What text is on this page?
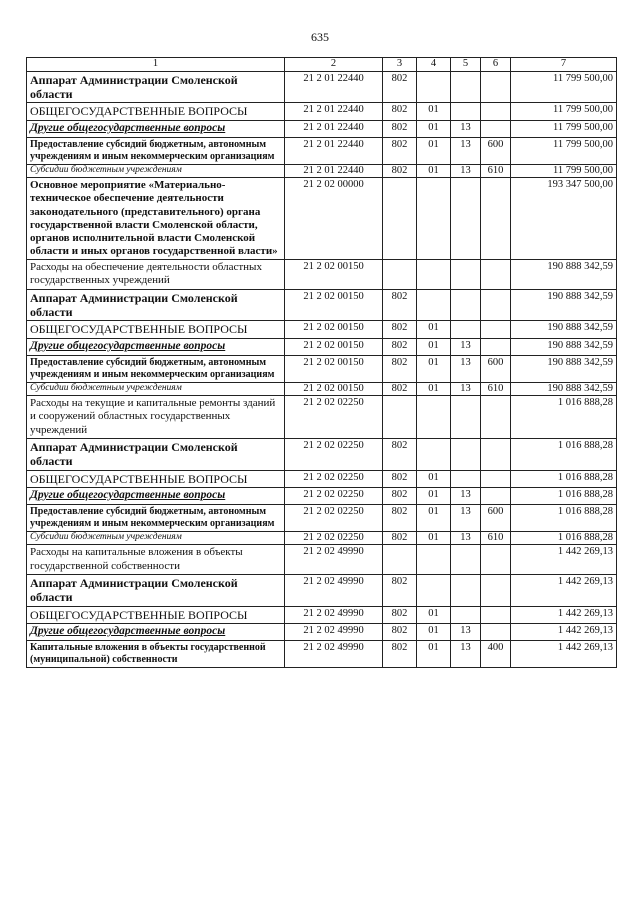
635
1	2	3	4	5	6	7
Аппарат Администрации Смоленской области	21 2 01 22440	802				11 799 500,00
ОБЩЕГОСУДАРСТВЕННЫЕ ВОПРОСЫ	21 2 01 22440	802	01			11 799 500,00
Другие общегосударственные вопросы	21 2 01 22440	802	01	13		11 799 500,00
Предоставление субсидий бюджетным, автономным учреждениям и иным некоммерческим организациям	21 2 01 22440	802	01	13	600	11 799 500,00
Субсидии бюджетным учреждениям	21 2 01 22440	802	01	13	610	11 799 500,00
Основное мероприятие «Материально-техническое обеспечение деятельности законодательного (представительного) органа государственной власти Смоленской области, органов исполнительной власти Смоленской области и иных органов государственной власти»	21 2 02 00000					193 347 500,00
Расходы на обеспечение деятельности областных государственных учреждений	21 2 02 00150					190 888 342,59
Аппарат Администрации Смоленской области	21 2 02 00150	802				190 888 342,59
ОБЩЕГОСУДАРСТВЕННЫЕ ВОПРОСЫ	21 2 02 00150	802	01			190 888 342,59
Другие общегосударственные вопросы	21 2 02 00150	802	01	13		190 888 342,59
Предоставление субсидий бюджетным, автономным учреждениям и иным некоммерческим организациям	21 2 02 00150	802	01	13	600	190 888 342,59
Субсидии бюджетным учреждениям	21 2 02 00150	802	01	13	610	190 888 342,59
Расходы на текущие и капитальные ремонты зданий и сооружений областных государственных учреждений	21 2 02 02250					1 016 888,28
Аппарат Администрации Смоленской области	21 2 02 02250	802				1 016 888,28
ОБЩЕГОСУДАРСТВЕННЫЕ ВОПРОСЫ	21 2 02 02250	802	01			1 016 888,28
Другие общегосударственные вопросы	21 2 02 02250	802	01	13		1 016 888,28
Предоставление субсидий бюджетным, автономным учреждениям и иным некоммерческим организациям	21 2 02 02250	802	01	13	600	1 016 888,28
Субсидии бюджетным учреждениям	21 2 02 02250	802	01	13	610	1 016 888,28
Расходы на капитальные вложения в объекты государственной собственности	21 2 02 49990					1 442 269,13
Аппарат Администрации Смоленской области	21 2 02 49990	802				1 442 269,13
ОБЩЕГОСУДАРСТВЕННЫЕ ВОПРОСЫ	21 2 02 49990	802	01			1 442 269,13
Другие общегосударственные вопросы	21 2 02 49990	802	01	13		1 442 269,13
Капитальные вложения в объекты государственной (муниципальной) собственности	21 2 02 49990	802	01	13	400	1 442 269,13
